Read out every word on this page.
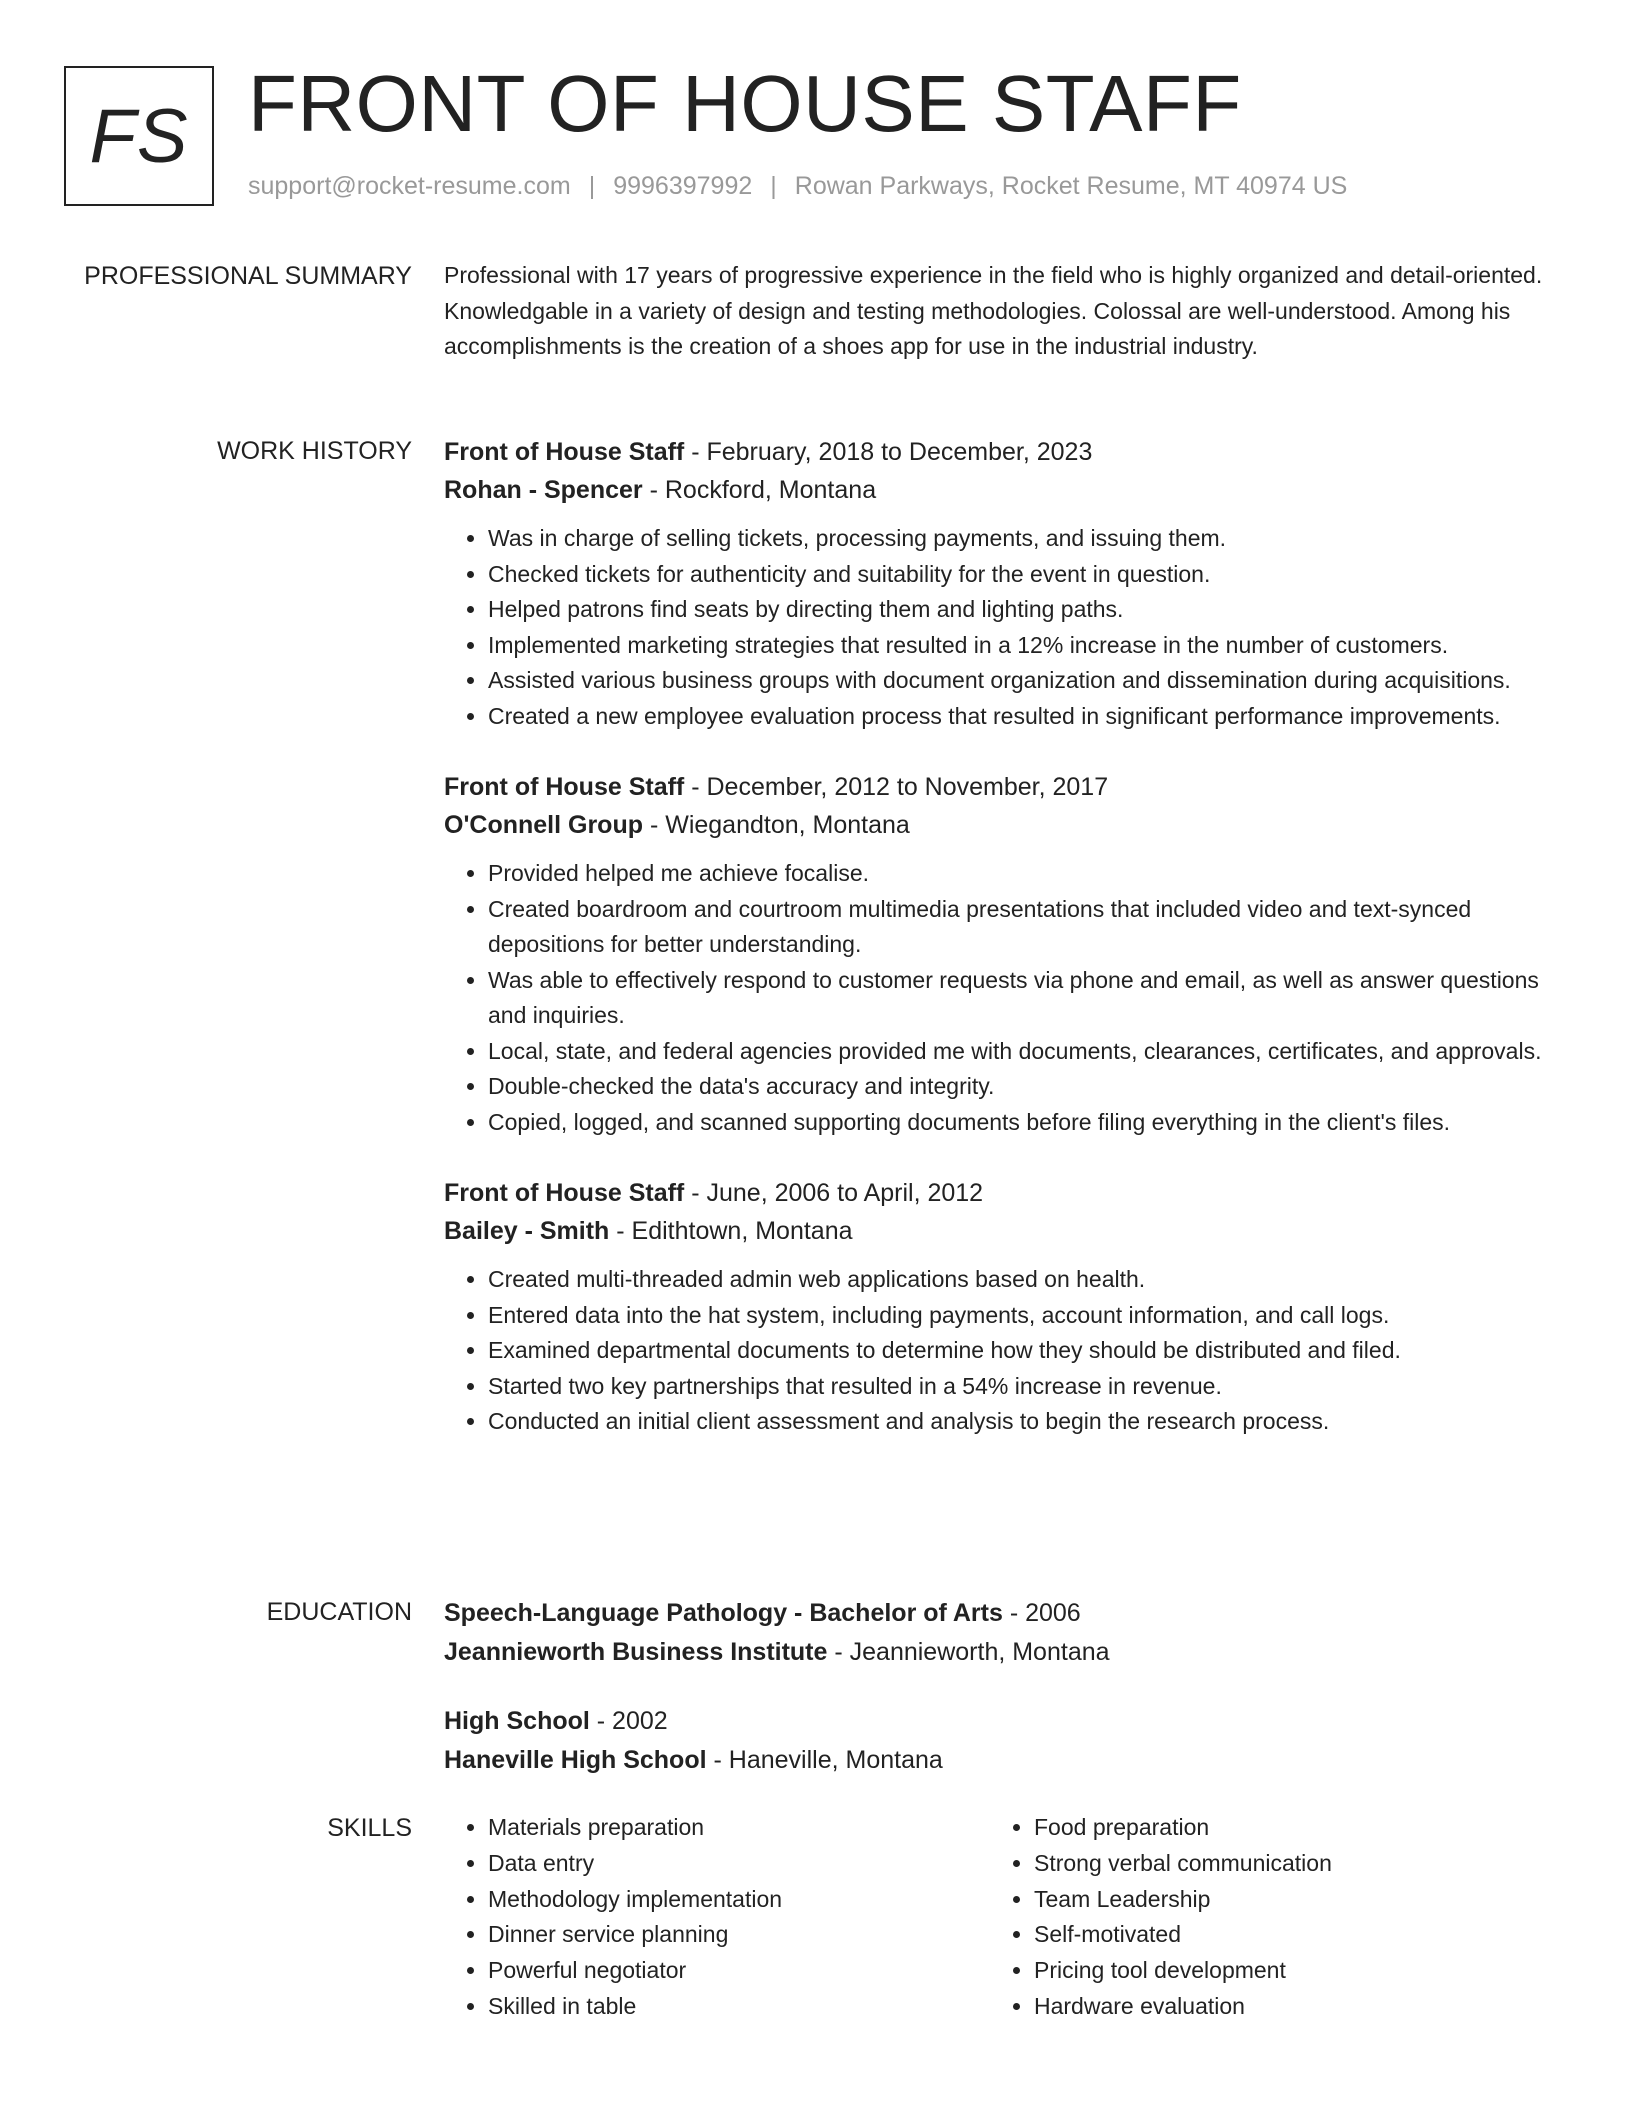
FS FRONT OF HOUSE STAFF
support@rocket-resume.com | 9996397992 | Rowan Parkways, Rocket Resume, MT 40974 US
PROFESSIONAL SUMMARY Professional with 17 years of progressive experience in the field who is highly organized and detail-oriented. Knowledgable in a variety of design and testing methodologies. Colossal are well-understood. Among his accomplishments is the creation of a shoes app for use in the industrial industry.

WORK HISTORY Front of House Staff - February, 2018 to December, 2023

Rohan - Spencer - Rockford, Montana

• Was in charge of selling tickets, processing payments, and issuing them.
• Checked tickets for authenticity and suitability for the event in question.
• Helped patrons find seats by directing them and lighting paths.
• Implemented marketing strategies that resulted in a 12% increase in the number of customers.
• Assisted various business groups with document organization and dissemination during acquisitions.
• Created a new employee evaluation process that resulted in significant performance improvements.

Front of House Staff - December, 2012 to November, 2017

O'Connell Group - Wiegandton, Montana

• Provided helped me achieve focalise.
• Created boardroom and courtroom multimedia presentations that included video and text-synced depositions for better understanding.
• Was able to effectively respond to customer requests via phone and email, as well as answer questions and inquiries.
• Local, state, and federal agencies provided me with documents, clearances, certificates, and approvals.
• Double-checked the data's accuracy and integrity.
• Copied, logged, and scanned supporting documents before filing everything in the client's files.

Front of House Staff - June, 2006 to April, 2012

Bailey - Smith - Edithtown, Montana

• Created multi-threaded admin web applications based on health.
• Entered data into the hat system, including payments, account information, and call logs.
• Examined departmental documents to determine how they should be distributed and filed.
• Started two key partnerships that resulted in a 54% increase in revenue.
• Conducted an initial client assessment and analysis to begin the research process.
EDUCATION Speech-Language Pathology - Bachelor of Arts - 2006

Jeannieworth Business Institute - Jeannieworth, Montana

High School - 2002

Haneville High School - Haneville, Montana

SKILLS
•	Materials preparation
• Data entry
• Methodology implementation
• Dinner service planning
• Powerful negotiator
• Skilled in table
• Food preparation
• Strong verbal communication
• Team Leadership
• Self-motivated
• Pricing tool development
• Hardware evaluation
